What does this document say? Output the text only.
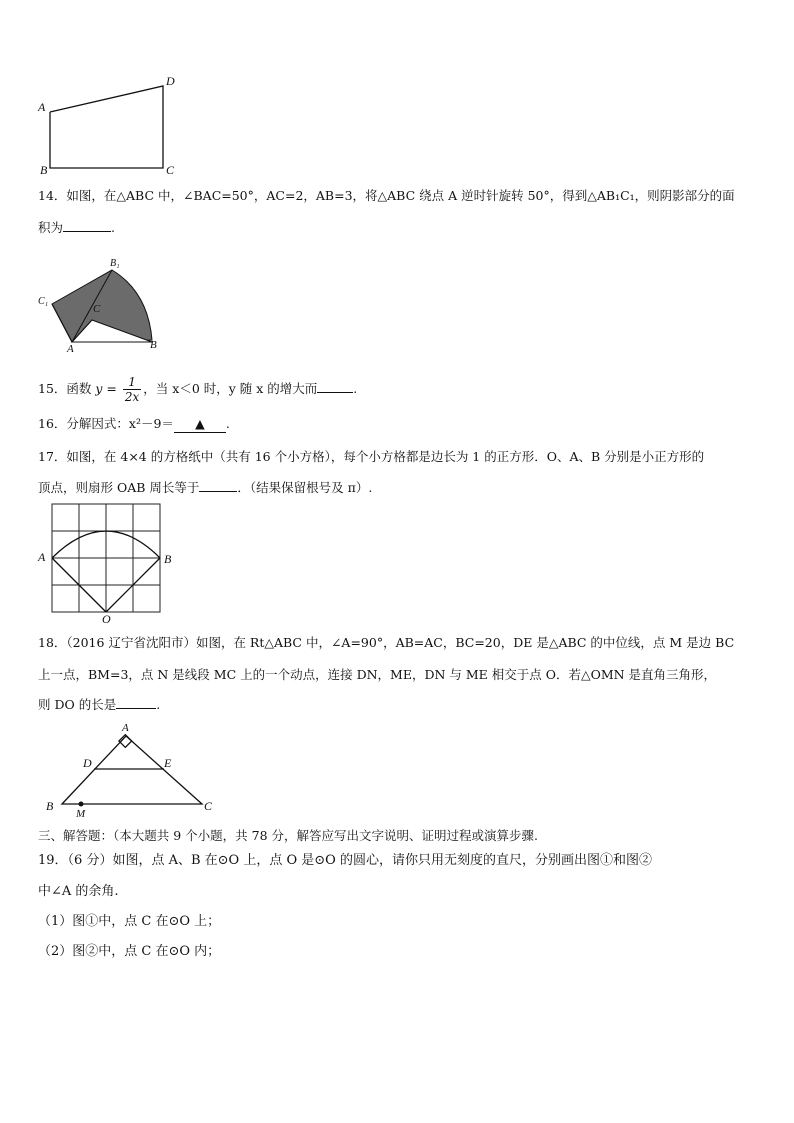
A
D
B	C
14．如图，在△ABC 中，∠BAC=50°，AC=2，AB=3，将△ABC 绕点 A 逆时针旋转 50°，得到△AB₁C₁，则阴影部分的面
积为	.
B₁
C₁
C
A	B
15．函数 $y = \frac{1}{2x}$ ，当 x＜0 时，y 随 x 的增大而	.
16．分解因式：x²－9＝ ▲ .
17．如图，在 4×4 的方格纸中（共有 16 个小方格），每个小方格都是边长为 1 的正方形．O、A、B 分别是小正方形的
顶点，则扇形 OAB 周长等于	．（结果保留根号及 π）.
A	B
O
18．（2016 辽宁省沈阳市）如图，在 Rt△ABC 中，∠A=90°，AB=AC，BC=20，DE 是△ABC 的中位线，点 M 是边 BC
上一点，BM=3，点 N 是线段 MC 上的一个动点，连接 DN，ME，DN 与 ME 相交于点 O．若△OMN 是直角三角形，
则 DO 的长是	.
A
D	E
B	C
M
三、解答题：（本大题共 9 个小题，共 78 分，解答应写出文字说明、证明过程或演算步骤.
19．（6 分）如图，点 A、B 在⊙O 上，点 O 是⊙O 的圆心，请你只用无刻度的直尺，分别画出图①和图②
中∠A 的余角.
（1）图①中，点 C 在⊙O 上；
（2）图②中，点 C 在⊙O 内；
